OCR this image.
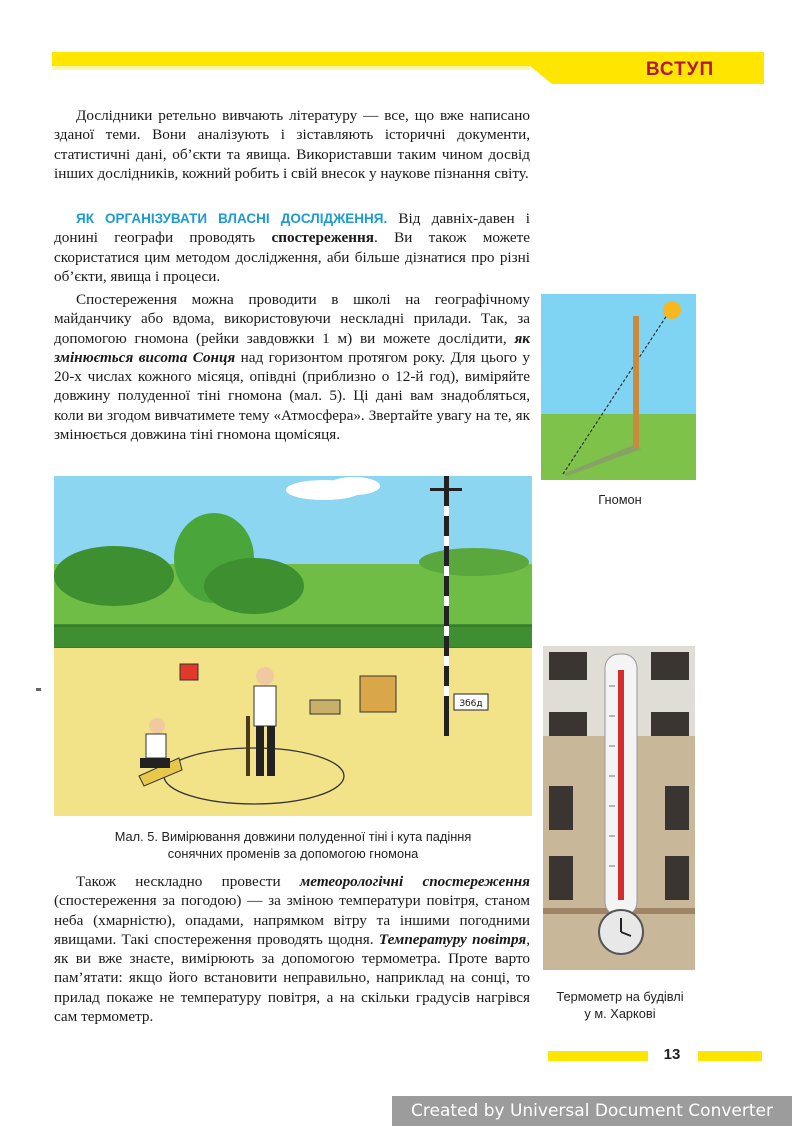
ВСТУП

Дослідники ретельно вивчають літературу — все, що вже написано зданої теми. Вони аналізують і зіставляють історичні документи, статистичні дані, об’єкти та явища. Використавши таким чином досвід інших дослідників, кожний робить і свій внесок у наукове пізнання світу.

ЯК ОРГАНІЗУВАТИ ВЛАСНІ ДОСЛІДЖЕННЯ. Від давніх-давен і донині географи проводять спостереження. Ви також можете скористатися цим методом дослідження, аби більше дізнатися про різні об’єкти, явища і процеси.

Спостереження можна проводити в школі на географічному майданчику або вдома, використовуючи нескладні прилади. Так, за допомогою гномона (рейки завдовжки 1 м) ви можете дослідити, як змінюється висота Сонця над горизонтом протягом року. Для цього у 20-х числах кожного місяця, опівдні (приблизно о 12-й год), виміряйте довжину полуденної тіні гномона (мал. 5). Ці дані вам знадобляться, коли ви згодом вивчатимете тему «Атмосфера». Звертайте увагу на те, як змінюється довжина тіні гномона щомісяця.

Гномон
Зб6д
Мал. 5. Вимірювання довжини полуденної тіні і кута падіння
сонячних променів за допомогою гномона

Також нескладно провести метеорологічні спостереження (спостереження за погодою) — за зміною температури повітря, станом неба (хмарністю), опадами, напрямком вітру та іншими погодними явищами. Такі спостереження проводять щодня. Температуру повітря, як ви вже знаєте, вимірюють за допомогою термометра. Проте варто пам’ятати: якщо його встановити неправильно, наприклад на сонці, то прилад покаже не температуру повітря, а на скільки градусів нагрівся сам термометр.

Термометр на будівлі
у м. Харкові
13
Created by Universal Document Converter
